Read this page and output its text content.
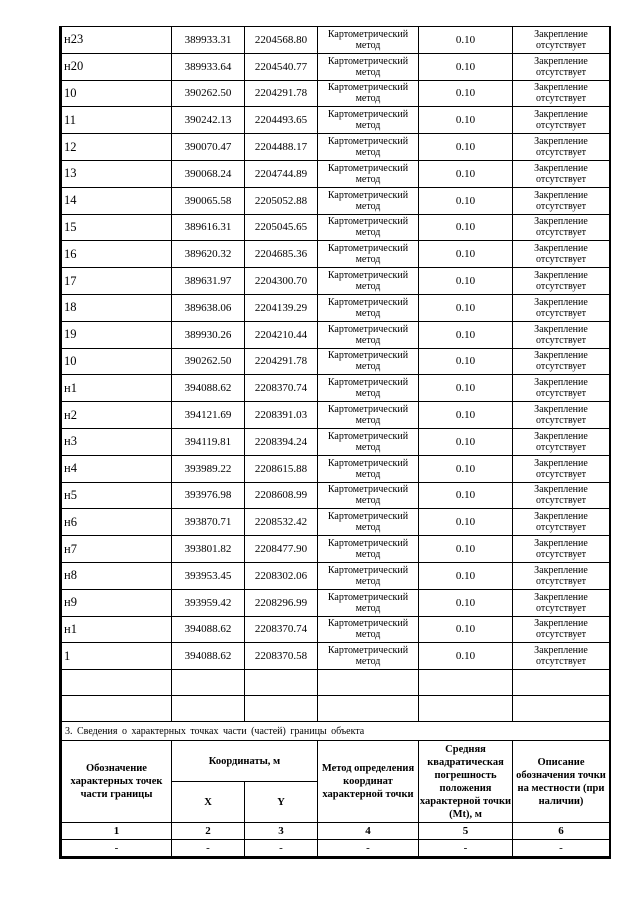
н23	389933.31	2204568.80	Картометрический метод	0.10	Закрепление отсутствует
н20	389933.64	2204540.77	Картометрический метод	0.10	Закрепление отсутствует
10	390262.50	2204291.78	Картометрический метод	0.10	Закрепление отсутствует
11	390242.13	2204493.65	Картометрический метод	0.10	Закрепление отсутствует
12	390070.47	2204488.17	Картометрический метод	0.10	Закрепление отсутствует
13	390068.24	2204744.89	Картометрический метод	0.10	Закрепление отсутствует
14	390065.58	2205052.88	Картометрический метод	0.10	Закрепление отсутствует
15	389616.31	2205045.65	Картометрический метод	0.10	Закрепление отсутствует
16	389620.32	2204685.36	Картометрический метод	0.10	Закрепление отсутствует
17	389631.97	2204300.70	Картометрический метод	0.10	Закрепление отсутствует
18	389638.06	2204139.29	Картометрический метод	0.10	Закрепление отсутствует
19	389930.26	2204210.44	Картометрический метод	0.10	Закрепление отсутствует
10	390262.50	2204291.78	Картометрический метод	0.10	Закрепление отсутствует
н1	394088.62	2208370.74	Картометрический метод	0.10	Закрепление отсутствует
н2	394121.69	2208391.03	Картометрический метод	0.10	Закрепление отсутствует
н3	394119.81	2208394.24	Картометрический метод	0.10	Закрепление отсутствует
н4	393989.22	2208615.88	Картометрический метод	0.10	Закрепление отсутствует
н5	393976.98	2208608.99	Картометрический метод	0.10	Закрепление отсутствует
н6	393870.71	2208532.42	Картометрический метод	0.10	Закрепление отсутствует
н7	393801.82	2208477.90	Картометрический метод	0.10	Закрепление отсутствует
н8	393953.45	2208302.06	Картометрический метод	0.10	Закрепление отсутствует
н9	393959.42	2208296.99	Картометрический метод	0.10	Закрепление отсутствует
н1	394088.62	2208370.74	Картометрический метод	0.10	Закрепление отсутствует
1	394088.62	2208370.58	Картометрический метод	0.10	Закрепление отсутствует

3. Сведения о характерных точках части (частей) границы объекта					
Обозначение характерных точек части границы	Координаты, м		Метод определения координат характерной точки	Средняя квадратическая погрешность положения характерной точки (Mt), м	Описание обозначения точки на местности (при наличии)
	X	Y			
1	2	3	4	5	6
-	-	-	-	-	-
